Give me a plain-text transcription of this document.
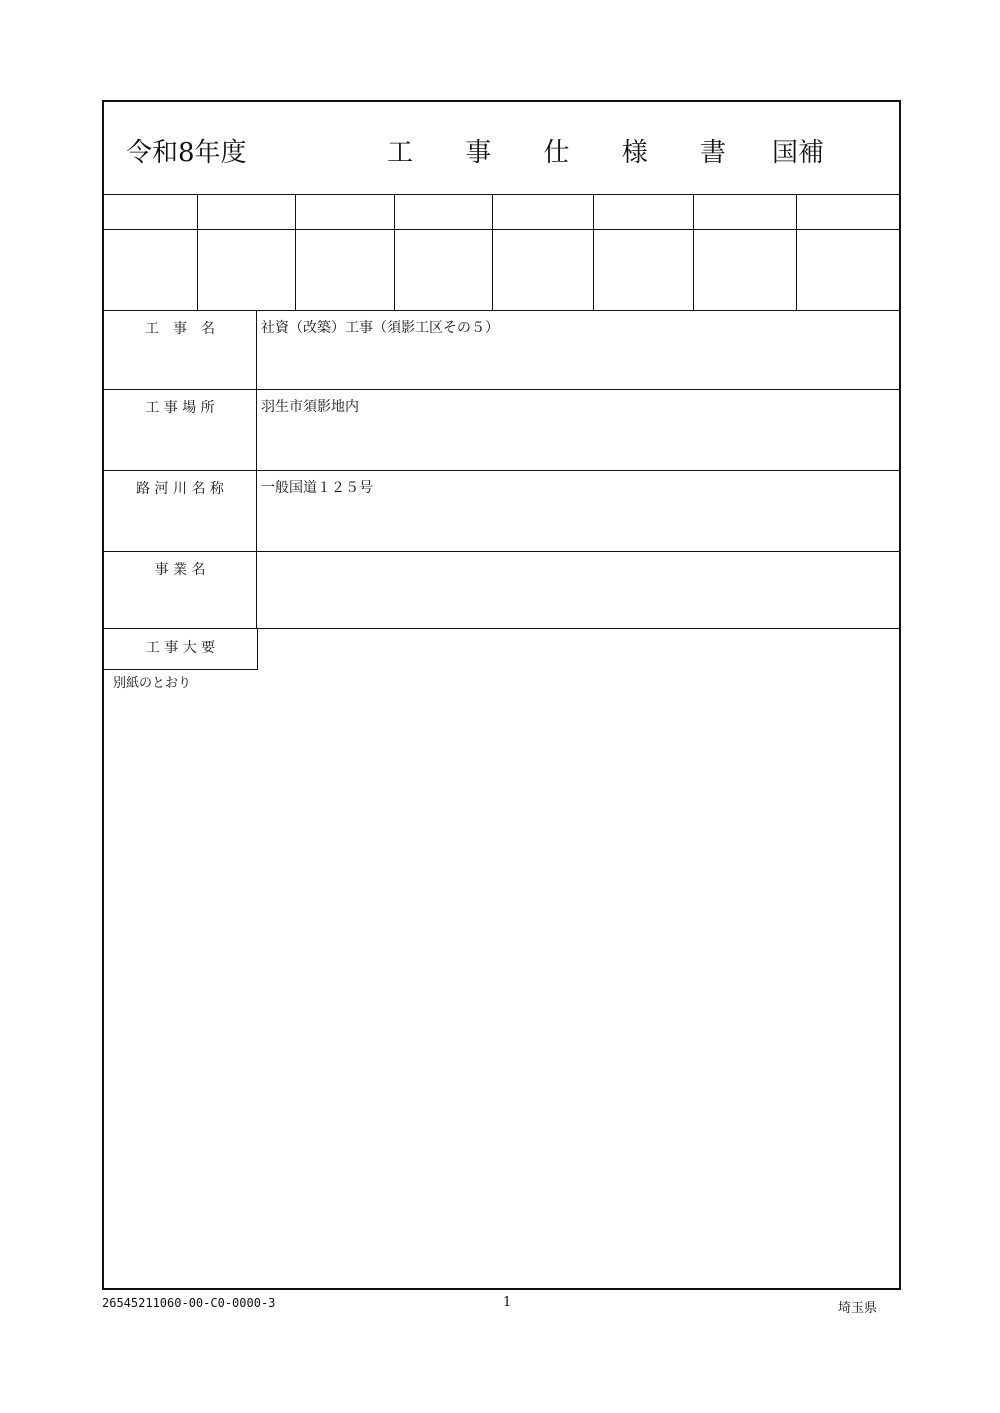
令和8年度	工 事 仕 様 書 国補
工　事　名	社資（改築）工事（須影工区その５）
工 事 場 所	羽生市須影地内
路 河 川 名 称	一般国道１２５号
事 業 名
工 事 大 要
別紙のとおり
26545211060-00-C0-0000-3	1	埼玉県
